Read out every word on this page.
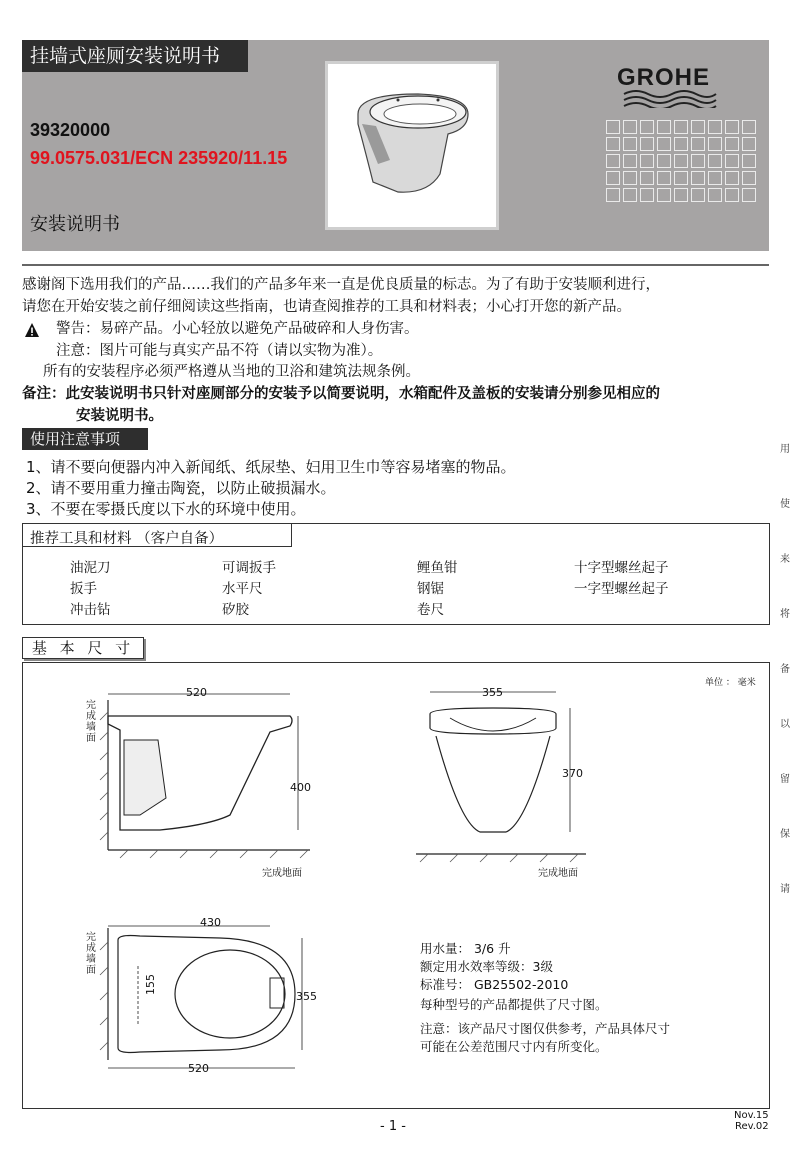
挂墙式座厕安装说明书
39320000
99.0575.031/ECN 235920/11.15
安装说明书
GROHE
感谢阁下选用我们的产品……我们的产品多年来一直是优良质量的标志。为了有助于安装顺利进行，
请您在开始安装之前仔细阅读这些指南，也请查阅推荐的工具和材料表；小心打开您的新产品。
警告：易碎产品。小心轻放以避免产品破碎和人身伤害。
注意：图片可能与真实产品不符（请以实物为准）。
所有的安装程序必须严格遵从当地的卫浴和建筑法规条例。
备注：此安装说明书只针对座厕部分的安装予以简要说明，水箱配件及盖板的安装请分别参见相应的
安装说明书。
使用注意事项
1、请不要向便器内冲入新闻纸、纸尿垫、妇用卫生巾等容易堵塞的物品。
2、请不要用重力撞击陶瓷，以防止破损漏水。
3、不要在零摄氏度以下水的环境中使用。
推荐工具和材料 （客户自备）
油泥刀
扳手
冲击钻
可调扳手
水平尺
矽胶
鲤鱼钳
钢锯
卷尺
十字型螺丝起子
一字型螺丝起子
基 本 尺 寸
单位 ： 毫米
520
400
完成墙面
完成地面
355
370
完成地面
430
155
355
520
完成墙面
用水量： 3/6 升
额定用水效率等级：3级
标准号： GB25502-2010
每种型号的产品都提供了尺寸图。
注意：该产品尺寸图仅供参考，产品具体尺寸
可能在公差范围尺寸内有所变化。
用
使
来
将
备
以
留
保
请
- 1 -
Nov.15
Rev.02
